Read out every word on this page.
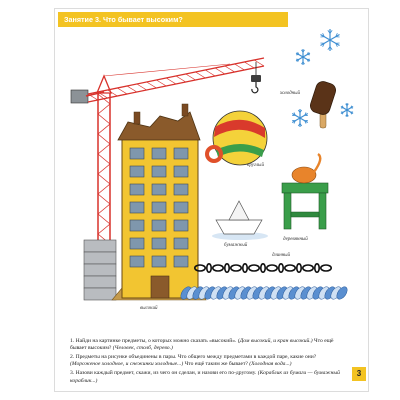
холодный
круглый
бумажный
деревянный
длинный
высокий
Занятие 3. Что бывает высоким?

1. Найди на картинке предметы, о которых можно сказать «высокий». (Дом высокий, и кран высокий.) Что ещё бывает высоким? (Человек, столб, дерево.)

2. Предметы на рисунке объединены в пары. Что общего между предметами в каждой паре, какие они? (Мороженое холодное, и снежинки холодные...) Что ещё таким же бывает? (Холодная вода...)

3. Назови каждый предмет, скажи, из чего он сделан, и назови его по-другому. (Кораблик из бумаги — бумажный кораблик...)

3
